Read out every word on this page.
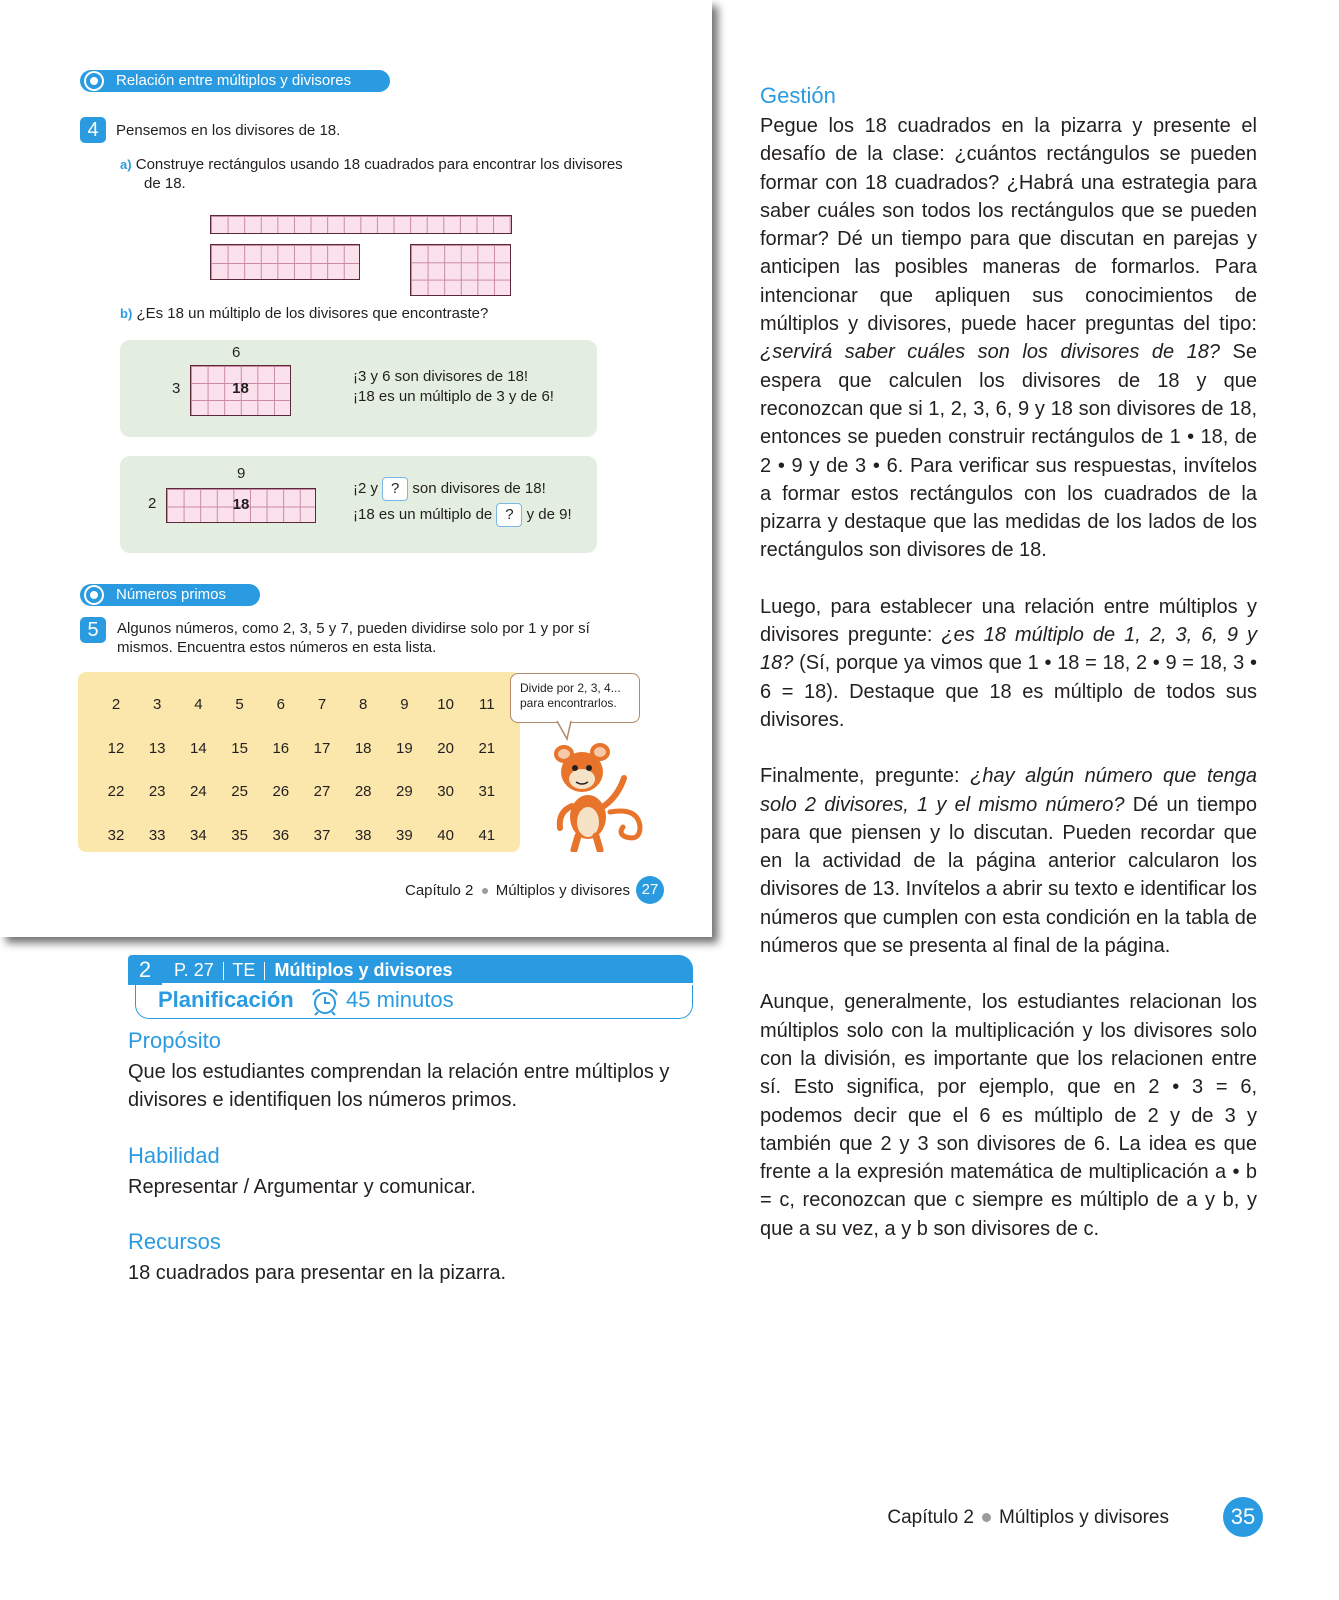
Relación entre múltiplos y divisores
4	Pensemos en los divisores de 18.
a) Construye rectángulos usando 18 cuadrados para encontrar los divisores
de 18.
b) ¿Es 18 un múltiplo de los divisores que encontraste?
6
3	18
¡3 y 6 son divisores de 18!
¡18 es un múltiplo de 3 y de 6!
9
2	18
¡2 y ? son divisores de 18!
¡18 es un múltiplo de ? y de 9!
Números primos
5	Algunos números, como 2, 3, 5 y 7, pueden dividirse solo por 1 y por sí
mismos. Encuentra estos números en esta lista.
2	3	4	5	6	7	8	9	10	11
12	13	14	15	16	17	18	19	20	21
22	23	24	25	26	27	28	29	30	31
32	33	34	35	36	37	38	39	40	41
Divide por 2, 3, 4...
para encontrarlos.
Capítulo 2 Múltiplos y divisores 27
2	P. 27 TE Múltiplos y divisores
Planificación 45 minutos
Propósito
Que los estudiantes comprendan la relación entre múltiplos y divisores e identifiquen los números primos.
Habilidad
Representar / Argumentar y comunicar.
Recursos
18 cuadrados para presentar en la pizarra.
Gestión

Pegue los 18 cuadrados en la pizarra y presente el desafío de la clase: ¿cuántos rectángulos se pueden formar con 18 cuadrados? ¿Habrá una estrategia para saber cuáles son todos los rectángulos que se pueden formar? Dé un tiempo para que discutan en parejas y anticipen las posibles maneras de formarlos. Para intencionar que apliquen sus conocimientos de múltiplos y divisores, puede hacer preguntas del tipo: ¿servirá saber cuáles son los divisores de 18? Se espera que calculen los divisores de 18 y que reconozcan que si 1, 2, 3, 6, 9 y 18 son divisores de 18, entonces se pueden construir rectángulos de 1 • 18, de 2 • 9 y de 3 • 6. Para verificar sus respuestas, invítelos a formar estos rectángulos con los cuadrados de la pizarra y destaque que las medidas de los lados de los rectángulos son divisores de 18.

Luego, para establecer una relación entre múltiplos y divisores pregunte: ¿es 18 múltiplo de 1, 2, 3, 6, 9 y 18? (Sí, porque ya vimos que 1 • 18 = 18, 2 • 9 = 18, 3 • 6 = 18). Destaque que 18 es múltiplo de todos sus divisores.

Finalmente, pregunte: ¿hay algún número que tenga solo 2 divisores, 1 y el mismo número? Dé un tiempo para que piensen y lo discutan. Pueden recordar que en la actividad de la página anterior calcularon los divisores de 13. Invítelos a abrir su texto e identificar los números que cumplen con esta condición en la tabla de números que se presenta al final de la página.

Aunque, generalmente, los estudiantes relacionan los múltiplos solo con la multiplicación y los divisores solo con la división, es importante que los relacionen entre sí. Esto significa, por ejemplo, que en 2 • 3 = 6, podemos decir que el 6 es múltiplo de 2 y de 3 y también que 2 y 3 son divisores de 6. La idea es que frente a la expresión matemática de multiplicación a • b = c, reconozcan que c siempre es múltiplo de a y b, y que a su vez, a y b son divisores de c.

Capítulo 2 Múltiplos y divisores	35
